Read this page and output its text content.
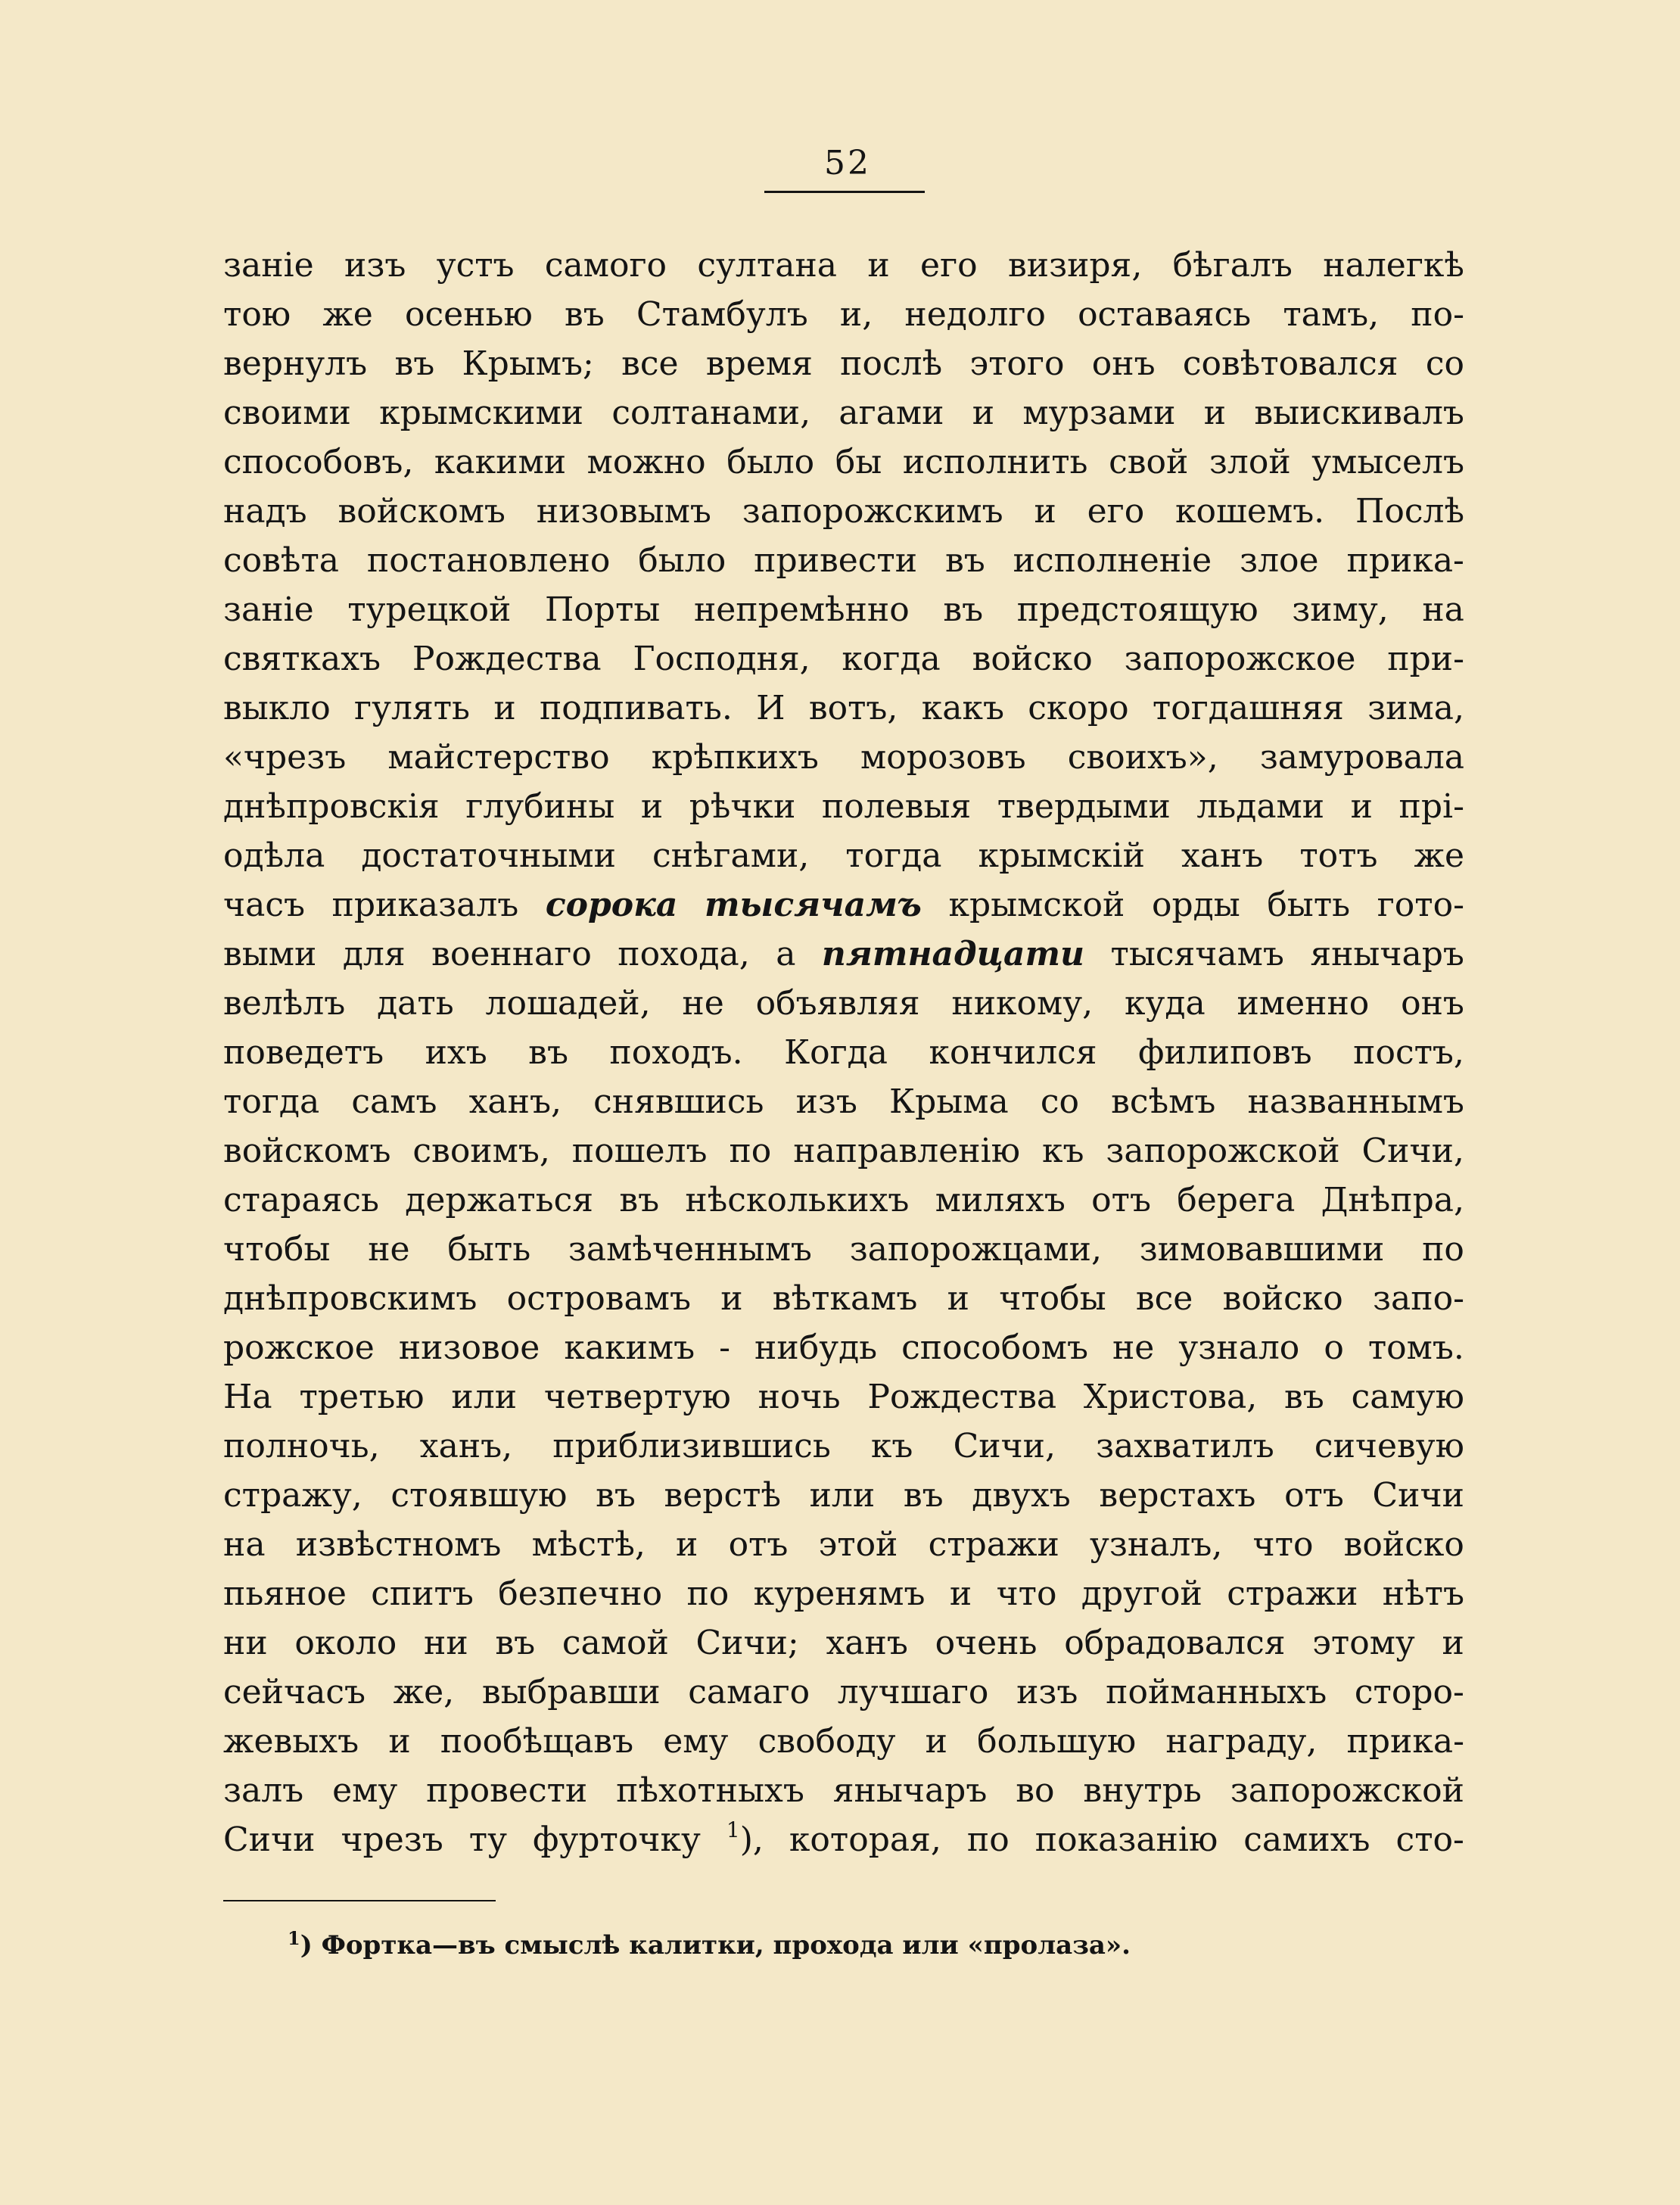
52
заніе изъ устъ самого султана и его визиря, бѣгалъ налегкѣ
тою же осенью въ Стамбулъ и, недолго оставаясь тамъ, по-
вернулъ въ Крымъ; все время послѣ этого онъ совѣтовался со
своими крымскими солтанами, агами и мурзами и выискивалъ
способовъ, какими можно было бы исполнить свой злой умыселъ
надъ войскомъ низовымъ запорожскимъ и его кошемъ. Послѣ
совѣта постановлено было привести въ исполненіе злое прика-
заніе турецкой Порты непремѣнно въ предстоящую зиму, на
святкахъ Рождества Господня, когда войско запорожское при-
выкло гулять и подпивать. И вотъ, какъ скоро тогдашняя зима,
«чрезъ майстерство крѣпкихъ морозовъ своихъ», замуровала
днѣпровскія глубины и рѣчки полевыя твердыми льдами и прі-
одѣла достаточными снѣгами, тогда крымскій ханъ тотъ же
часъ приказалъ сорока тысячамъ крымской орды быть гото-
выми для военнаго похода, а пятнадцати тысячамъ янычаръ
велѣлъ дать лошадей, не объявляя никому, куда именно онъ
поведетъ ихъ въ походъ. Когда кончился филиповъ постъ,
тогда самъ ханъ, снявшись изъ Крыма со всѣмъ названнымъ
войскомъ своимъ, пошелъ по направленію къ запорожской Сичи,
стараясь держаться въ нѣсколькихъ миляхъ отъ берега Днѣпра,
чтобы не быть замѣченнымъ запорожцами, зимовавшими по
днѣпровскимъ островамъ и вѣткамъ и чтобы все войско запо-
рожское низовое какимъ - нибудь способомъ не узнало о томъ.
На третью или четвертую ночь Рождества Христова, въ самую
полночь, ханъ, приблизившись къ Сичи, захватилъ сичевую
стражу, стоявшую въ верстѣ или въ двухъ верстахъ отъ Сичи
на извѣстномъ мѣстѣ, и отъ этой стражи узналъ, что войско
пьяное спитъ безпечно по куренямъ и что другой стражи нѣтъ
ни около ни въ самой Сичи; ханъ очень обрадовался этому и
сейчасъ же, выбравши самаго лучшаго изъ пойманныхъ сторо-
жевыхъ и пообѣщавъ ему свободу и большую награду, прика-
залъ ему провести пѣхотныхъ янычаръ во внутрь запорожской
Сичи чрезъ ту фурточку $^1$), которая, по показанію самихъ сто-
$^1$) Фортка—въ смыслѣ калитки, прохода или «пролаза».
